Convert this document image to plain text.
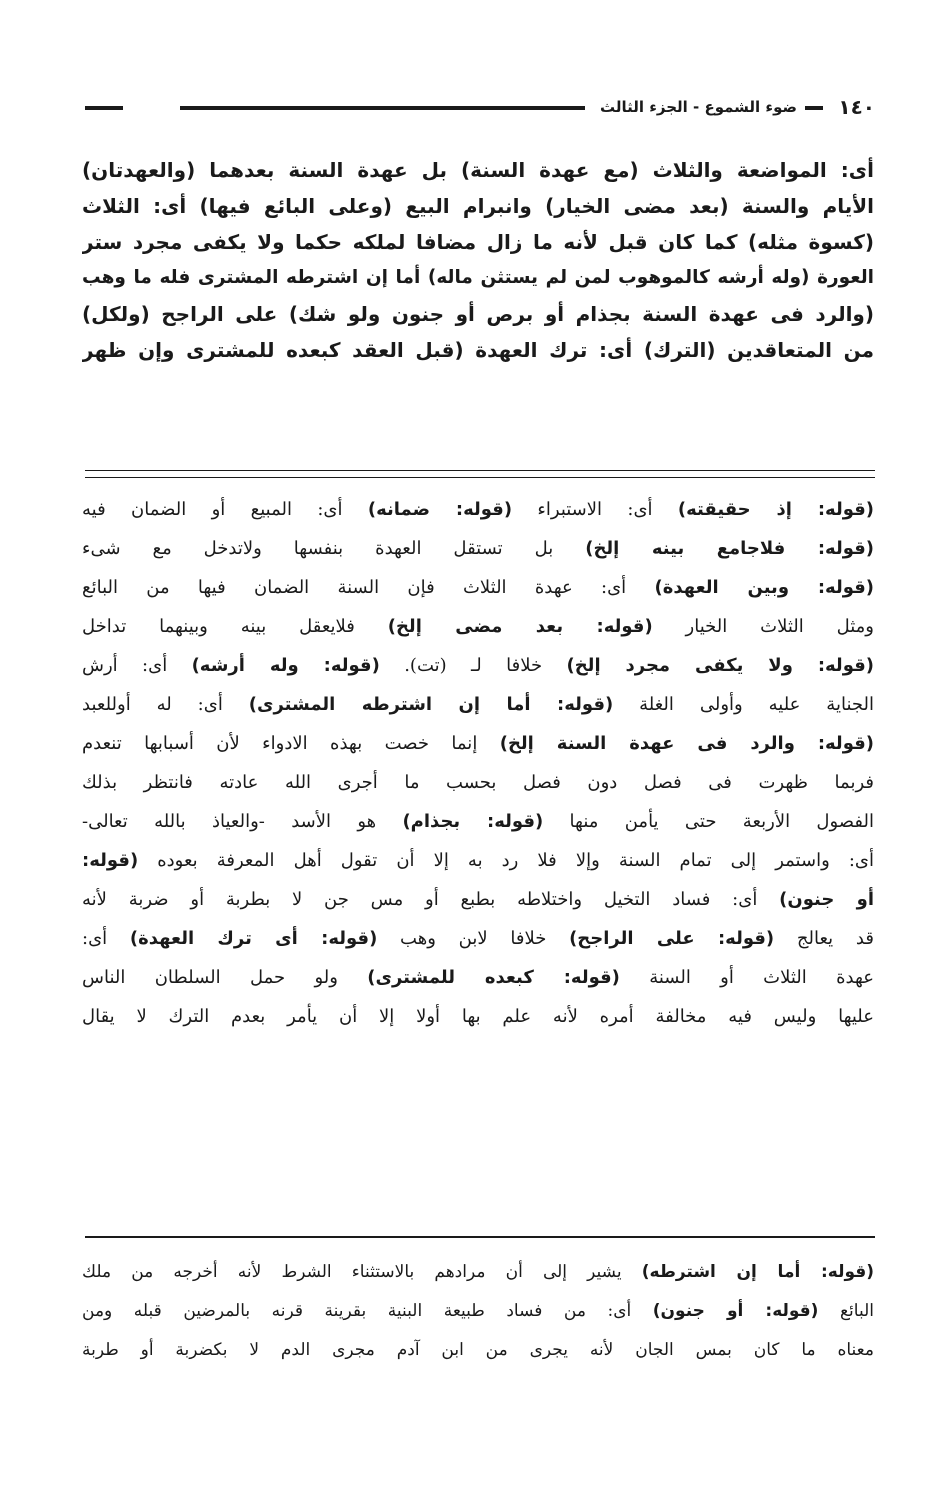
١٤٠
ضوء الشموع - الجزء الثالث
أى: المواضعة والثلاث (مع عهدة السنة) بل عهدة السنة بعدهما (والعهدتان)
الأيام والسنة (بعد مضى الخيار) وانبرام البيع (وعلى البائع فيها) أى: الثلاث
(كسوة مثله) كما كان قبل لأنه ما زال مضافا لملكه حكما ولا يكفى مجرد ستر
العورة (وله أرشه كالموهوب لمن لم يستثن ماله) أما إن اشترطه المشترى فله ما وهب
(والرد فى عهدة السنة بجذام أو برص أو جنون ولو شك) على الراجح (ولكل)
من المتعاقدين (الترك) أى: ترك العهدة (قبل العقد كبعده للمشترى وإن ظهر
(قوله: إذ حقيقته) أى: الاستبراء (قوله: ضمانه) أى: المبيع أو الضمان فيه
(قوله: فلاجامع بينه إلخ) بل تستقل العهدة بنفسها ولاتدخل مع شىء
(قوله: وبين العهدة) أى: عهدة الثلاث فإن السنة الضمان فيها من البائع
ومثل الثلاث الخيار (قوله: بعد مضى إلخ) فلايعقل بينه وبينهما تداخل
(قوله: ولا يكفى مجرد إلخ) خلافا لـ (تت). (قوله: وله أرشه) أى: أرش
الجناية عليه وأولى الغلة (قوله: أما إن اشترطه المشترى) أى: له أوللعبد
(قوله: والرد فى عهدة السنة إلخ) إنما خصت بهذه الادواء لأن أسبابها تنعدم
فربما ظهرت فى فصل دون فصل بحسب ما أجرى الله عادته فانتظر بذلك
الفصول الأربعة حتى يأمن منها (قوله: بجذام) هو الأسد -والعياذ بالله تعالى-
أى: واستمر إلى تمام السنة وإلا فلا رد به إلا أن تقول أهل المعرفة بعوده (قوله:
أو جنون) أى: فساد التخيل واختلاطه بطبع أو مس جن لا بطربة أو ضربة لأنه
قد يعالج (قوله: على الراجح) خلافا لابن وهب (قوله: أى ترك العهدة) أى:
عهدة الثلاث أو السنة (قوله: كبعده للمشترى) ولو حمل السلطان الناس
عليها وليس فيه مخالفة أمره لأنه علم بها أولا إلا أن يأمر بعدم الترك لا يقال
(قوله: أما إن اشترطه) يشير إلى أن مرادهم بالاستثناء الشرط لأنه أخرجه من ملك
البائع (قوله: أو جنون) أى: من فساد طبيعة البنية بقرينة قرنه بالمرضين قبله ومن
معناه ما كان بمس الجان لأنه يجرى من ابن آدم مجرى الدم لا بكضربة أو طربة
